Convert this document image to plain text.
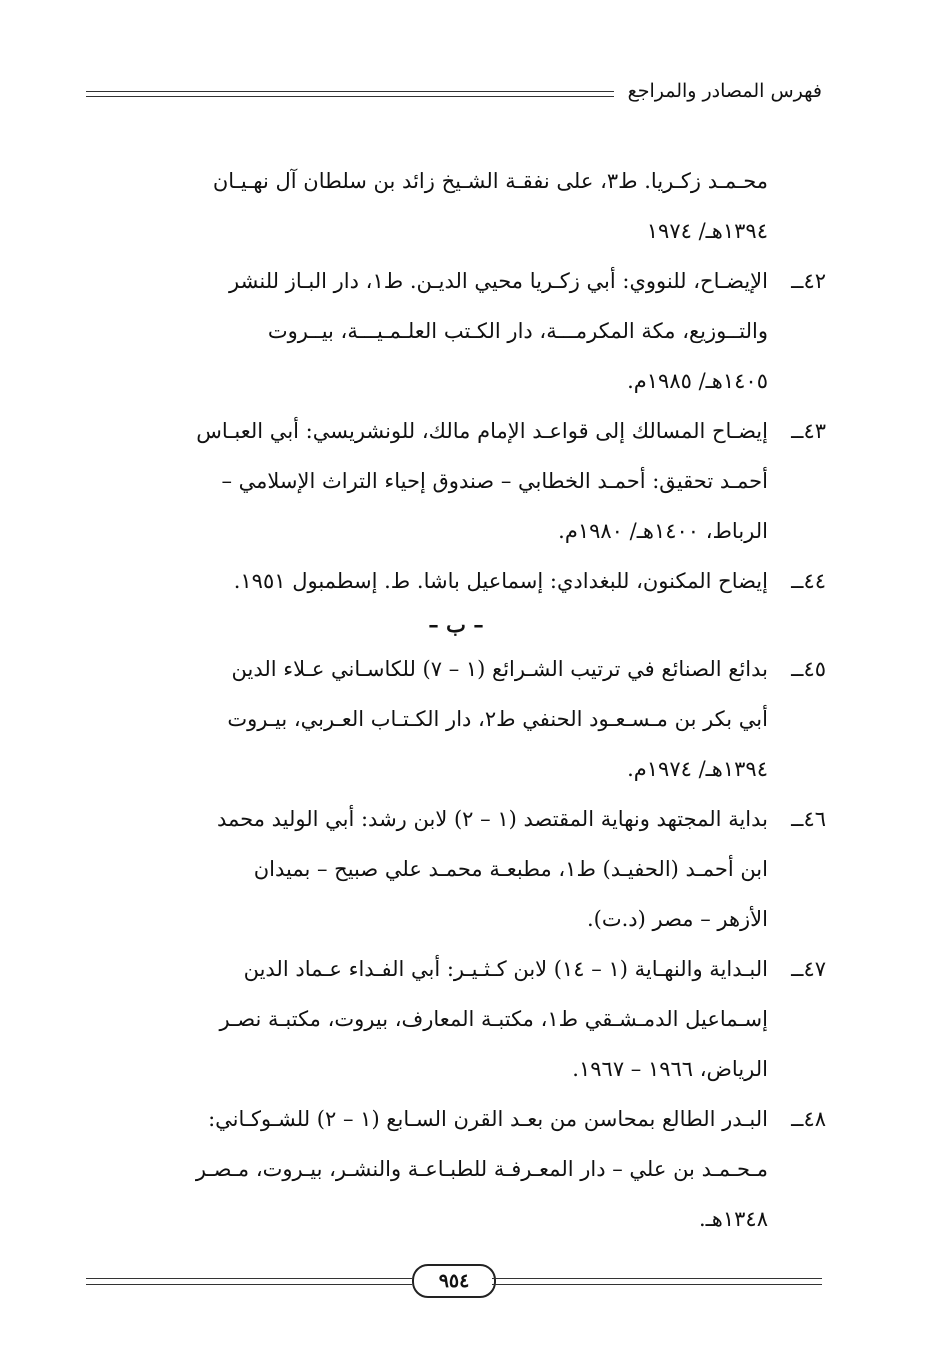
فهرس المصادر والمراجع
محـمـد زكـريا. ط٣، على نفقـة الشـيخ زائد بن سلطان آل نهـيـان
١٣٩٤هـ/ ١٩٧٤
٤٢ــ
الإيضـاح، للنووي: أبي زكـريا محيي الديـن. ط١، دار البـاز للنشر
والتــوزيع، مكة المكرمـــة، دار الكـتب العلـمـيـــة، بيــروت
١٤٠٥هـ/ ١٩٨٥م.
٤٣ــ
إيضـاح المسالك إلى قواعـد الإمام مالك، للونشريسي: أبي العبـاس
أحمـد تحقيق: أحمـد الخطابي – صندوق إحياء التراث الإسلامي –
الرباط، ١٤٠٠هـ/ ١٩٨٠م.
٤٤ــ
إيضاح المكنون، للبغدادي: إسماعيل باشا. ط. إسطمبول ١٩٥١.
– ب –
٤٥ــ
بدائع الصنائع في ترتيب الشـرائع (١ – ٧) للكاسـاني عـلاء الدين
أبي بكر بن مـسـعـود الحنفي ط٢، دار الكـتـاب العـربي، بيـروت
١٣٩٤هـ/ ١٩٧٤م.
٤٦ــ
بداية المجتهد ونهاية المقتصد (١ – ٢) لابن رشد: أبي الوليد محمد
ابن أحمـد (الحفيـد) ط١، مطبعـة محمـد علي صبيح – بميدان
الأزهر – مصر (د.ت).
٤٧ــ
البـداية والنهـاية (١ – ١٤) لابن كـثـيـر: أبي الفـداء عـماد الدين
إسـماعيل الدمـشـقي ط١، مكتبـة المعارف، بيروت، مكتبـة نصـر
الرياض، ١٩٦٦ – ١٩٦٧.
٤٨ــ
البـدر الطالع بمحاسن من بعـد القرن السـابع (١ – ٢) للشـوكـاني:
مـحـمـد بن علي – دار المعـرفـة للطبـاعـة والنشـر، بيـروت، مـصـر
١٣٤٨هـ.
٩٥٤
